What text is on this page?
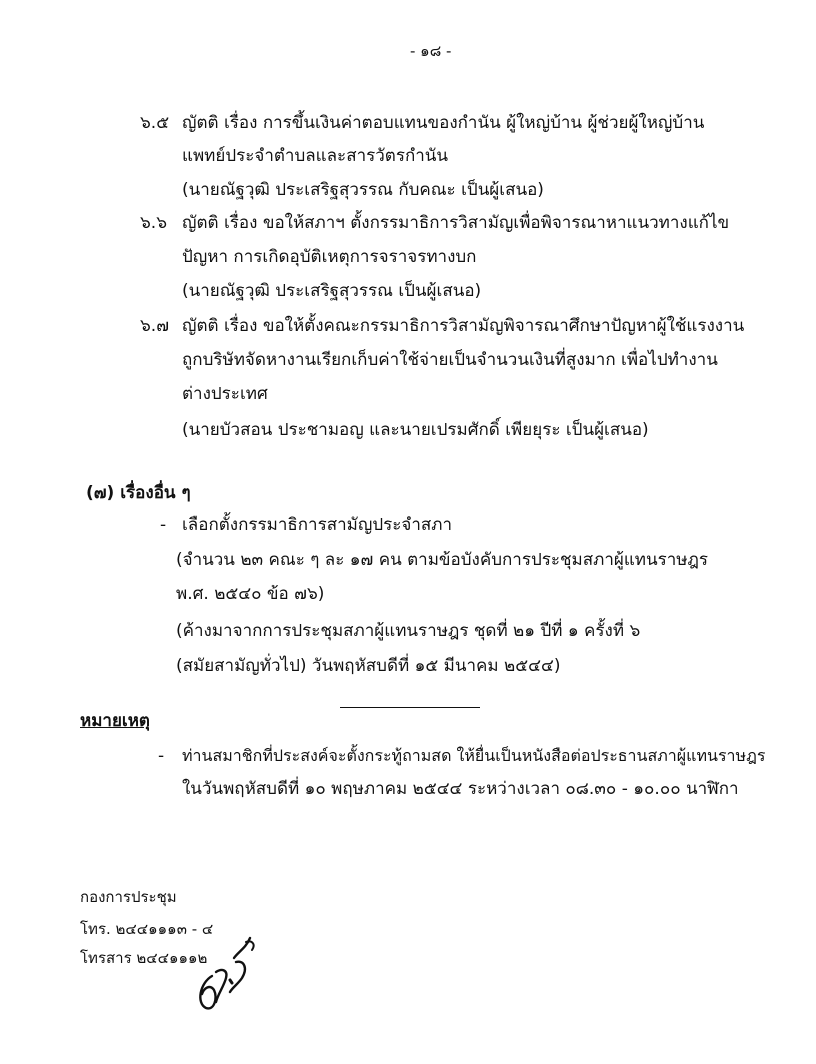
- ๑๘ -
๖.๕ ญัตติ เรื่อง การขึ้นเงินค่าตอบแทนของกำนัน ผู้ใหญ่บ้าน ผู้ช่วยผู้ใหญ่บ้าน
แพทย์ประจำตำบลและสารวัตรกำนัน
(นายณัฐวุฒิ ประเสริฐสุวรรณ กับคณะ เป็นผู้เสนอ)
๖.๖ ญัตติ เรื่อง ขอให้สภาฯ ตั้งกรรมาธิการวิสามัญเพื่อพิจารณาหาแนวทางแก้ไข
ปัญหา การเกิดอุบัติเหตุการจราจรทางบก
(นายณัฐวุฒิ ประเสริฐสุวรรณ เป็นผู้เสนอ)
๖.๗ ญัตติ เรื่อง ขอให้ตั้งคณะกรรมาธิการวิสามัญพิจารณาศึกษาปัญหาผู้ใช้แรงงาน
ถูกบริษัทจัดหางานเรียกเก็บค่าใช้จ่ายเป็นจำนวนเงินที่สูงมาก เพื่อไปทำงาน
ต่างประเทศ
(นายบัวสอน ประชามอญ และนายเปรมศักดิ์ เพียยุระ เป็นผู้เสนอ)
(๗) เรื่องอื่น ๆ
- เลือกตั้งกรรมาธิการสามัญประจำสภา
(จำนวน ๒๓ คณะ ๆ ละ ๑๗ คน ตามข้อบังคับการประชุมสภาผู้แทนราษฎร
พ.ศ. ๒๕๔๐ ข้อ ๗๖)
(ค้างมาจากการประชุมสภาผู้แทนราษฎร ชุดที่ ๒๑ ปีที่ ๑ ครั้งที่ ๖
(สมัยสามัญทั่วไป) วันพฤหัสบดีที่ ๑๕ มีนาคม ๒๕๔๔)
หมายเหตุ
- ท่านสมาชิกที่ประสงค์จะตั้งกระทู้ถามสด ให้ยื่นเป็นหนังสือต่อประธานสภาผู้แทนราษฎร
ในวันพฤหัสบดีที่ ๑๐ พฤษภาคม ๒๕๔๔ ระหว่างเวลา ๐๘.๓๐ - ๑๐.๐๐ นาฬิกา
กองการประชุม
โทร. ๒๔๔๑๑๑๓ - ๔
โทรสาร ๒๔๔๑๑๑๒
